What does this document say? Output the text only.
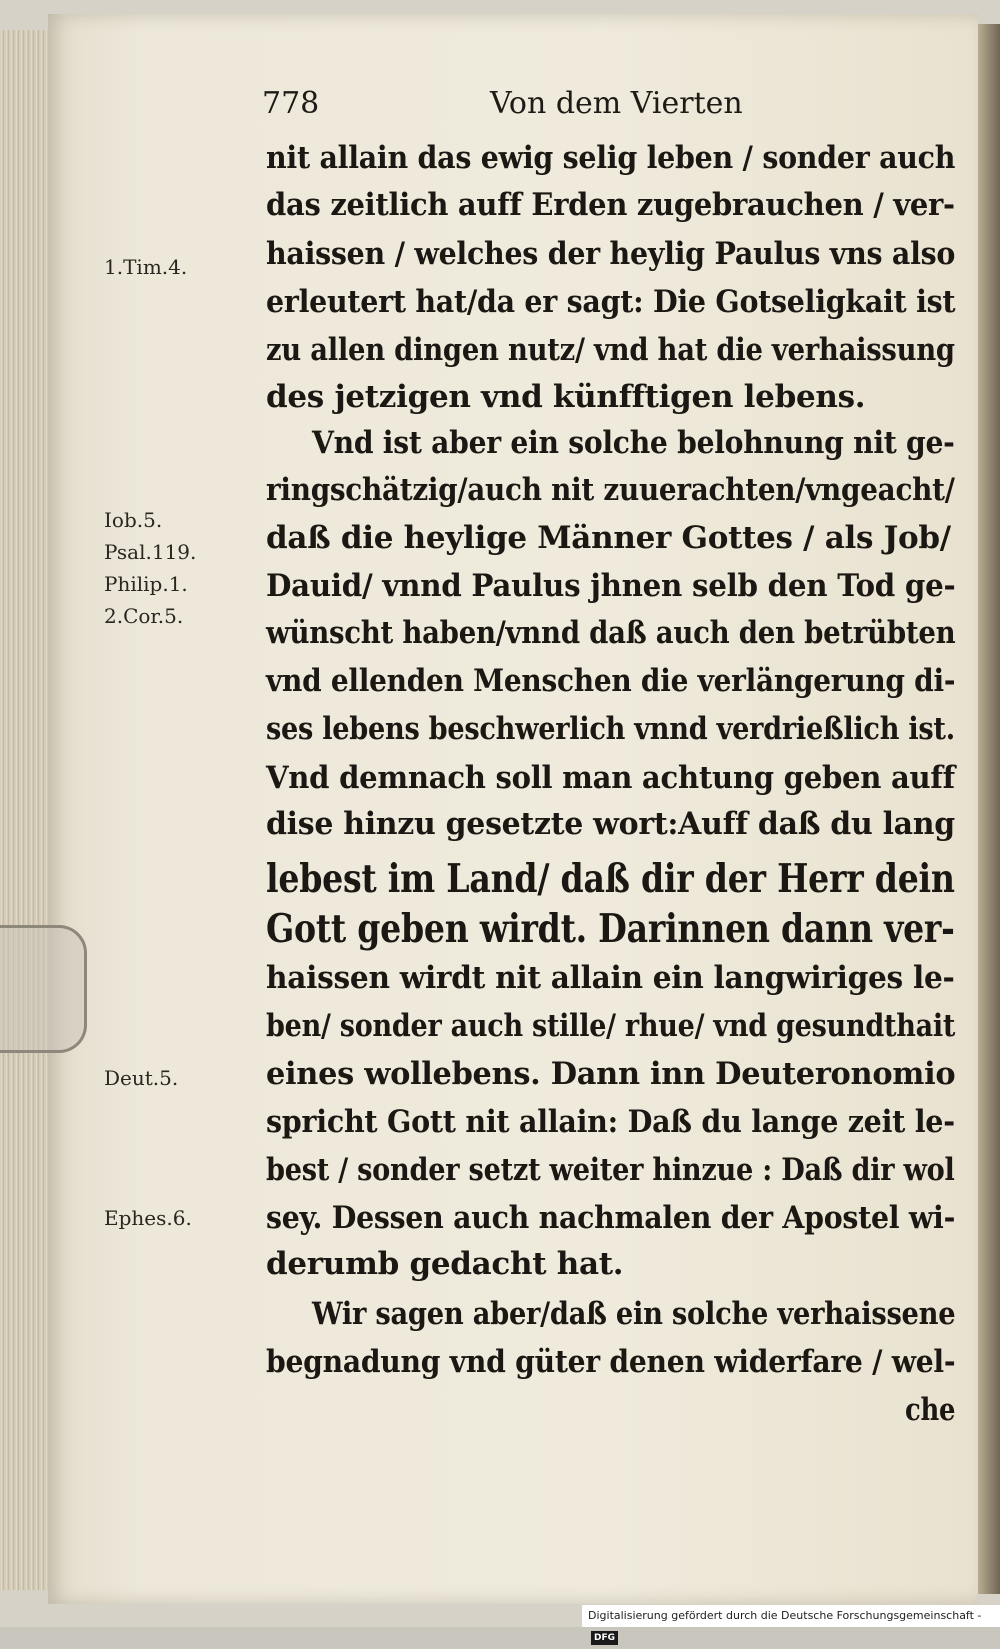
778	Von dem Vierten
1.Tim.4.
Iob.5.
Psal.119.
Philip.1.
2.Cor.5.
Deut.5.
Ephes.6.

nit allain das ewig selig leben / sonder auch

das zeitlich auff Erden zugebrauchen / ver-

haissen / welches der heylig Paulus vns also

erleutert hat/da er sagt: Die Gotseligkait ist

zu allen dingen nutz/ vnd hat die verhaissung

des jetzigen vnd künfftigen lebens.

Vnd ist aber ein solche belohnung nit ge-

ringschätzig/auch nit zuuerachten/vngeacht/

daß die heylige Männer Gottes / als Job/

Dauid/ vnnd Paulus jhnen selb den Tod ge-

wünscht haben/vnnd daß auch den betrübten

vnd ellenden Menschen die verlängerung di-

ses lebens beschwerlich vnnd verdrießlich ist.

Vnd demnach soll man achtung geben auff

dise hinzu gesetzte wort:Auff daß du lang

lebest im Land/ daß dir der Herr dein

Gott geben wirdt. Darinnen dann ver-

haissen wirdt nit allain ein langwiriges le-

ben/ sonder auch stille/ rhue/ vnd gesundthait

eines wollebens. Dann inn Deuteronomio

spricht Gott nit allain: Daß du lange zeit le-

best / sonder setzt weiter hinzue : Daß dir wol

sey. Dessen auch nachmalen der Apostel wi-

derumb gedacht hat.

Wir sagen aber/daß ein solche verhaissene

begnadung vnd güter denen widerfare / wel-

che

Digitalisierung gefördert durch die Deutsche Forschungsgemeinschaft -DFG
